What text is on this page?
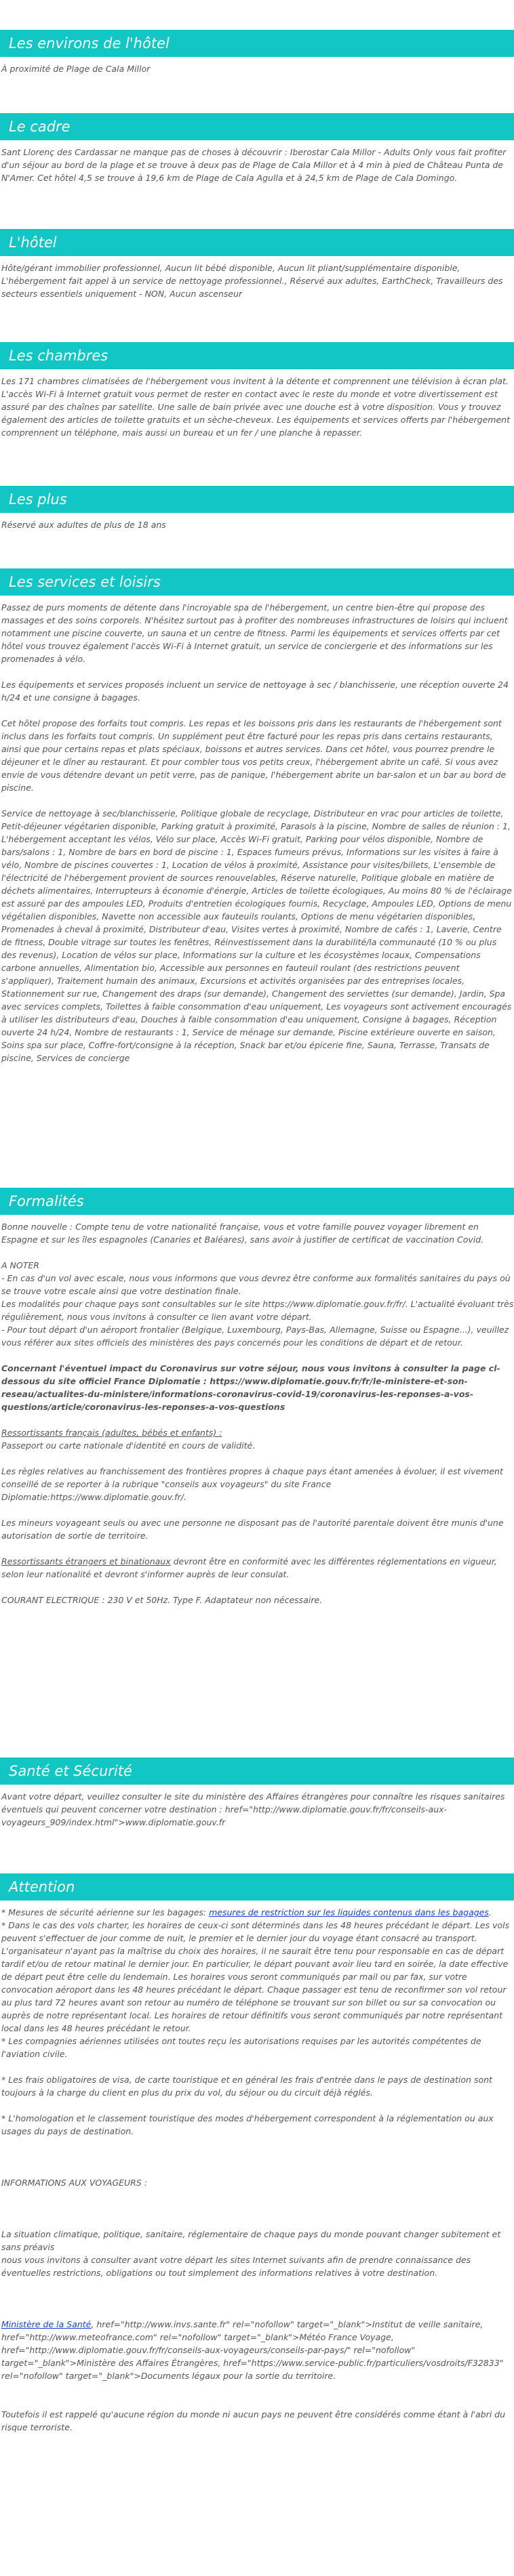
Les environs de l'hôtel

À proximité de Plage de Cala Millor

Le cadre

Sant Llorenç des Cardassar ne manque pas de choses à découvrir : Iberostar Cala Millor - Adults Only vous fait profiter d'un séjour au bord de la plage et se trouve à deux pas de Plage de Cala Millor et à 4 min à pied de Château Punta de N'Amer. Cet hôtel 4,5 se trouve à 19,6 km de Plage de Cala Agulla et à 24,5 km de Plage de Cala Domingo.

L'hôtel

Hôte/gérant immobilier professionnel, Aucun lit bébé disponible, Aucun lit pliant/supplémentaire disponible, L'hébergement fait appel à un service de nettoyage professionnel., Réservé aux adultes, EarthCheck, Travailleurs des secteurs essentiels uniquement - NON, Aucun ascenseur

Les chambres

Les 171 chambres climatisées de l'hébergement vous invitent à la détente et comprennent une télévision à écran plat. L'accès Wi-Fi à Internet gratuit vous permet de rester en contact avec le reste du monde et votre divertissement est assuré par des chaînes par satellite. Une salle de bain privée avec une douche est à votre disposition. Vous y trouvez également des articles de toilette gratuits et un sèche-cheveux. Les équipements et services offerts par l'hébergement comprennent un téléphone, mais aussi un bureau et un fer / une planche à repasser.

Les plus

Réservé aux adultes de plus de 18 ans

Les services et loisirs

Passez de purs moments de détente dans l'incroyable spa de l'hébergement, un centre bien-être qui propose des massages et des soins corporels. N'hésitez surtout pas à profiter des nombreuses infrastructures de loisirs qui incluent notamment une piscine couverte, un sauna et un centre de fitness. Parmi les équipements et services offerts par cet hôtel vous trouvez également l'accès Wi-Fi à Internet gratuit, un service de conciergerie et des informations sur les promenades à vélo.

Les équipements et services proposés incluent un service de nettoyage à sec / blanchisserie, une réception ouverte 24 h/24 et une consigne à bagages.

Cet hôtel propose des forfaits tout compris. Les repas et les boissons pris dans les restaurants de l'hébergement sont inclus dans les forfaits tout compris. Un supplément peut être facturé pour les repas pris dans certains restaurants, ainsi que pour certains repas et plats spéciaux, boissons et autres services. Dans cet hôtel, vous pourrez prendre le déjeuner et le dîner au restaurant. Et pour combler tous vos petits creux, l'hébergement abrite un café. Si vous avez envie de vous détendre devant un petit verre, pas de panique, l'hébergement abrite un bar-salon et un bar au bord de piscine.

Service de nettoyage à sec/blanchisserie, Politique globale de recyclage, Distributeur en vrac pour articles de toilette, Petit-déjeuner végétarien disponible, Parking gratuit à proximité, Parasols à la piscine, Nombre de salles de réunion : 1, L'hébergement acceptant les vélos, Vélo sur place, Accès Wi-Fi gratuit, Parking pour vélos disponible, Nombre de bars/salons : 1, Nombre de bars en bord de piscine : 1, Espaces fumeurs prévus, Informations sur les visites à faire à vélo, Nombre de piscines couvertes : 1, Location de vélos à proximité, Assistance pour visites/billets, L'ensemble de l'électricité de l'hébergement provient de sources renouvelables, Réserve naturelle, Politique globale en matière de déchets alimentaires, Interrupteurs à économie d'énergie, Articles de toilette écologiques, Au moins 80 % de l'éclairage est assuré par des ampoules LED, Produits d'entretien écologiques fournis, Recyclage, Ampoules LED, Options de menu végétalien disponibles, Navette non accessible aux fauteuils roulants, Options de menu végétarien disponibles, Promenades à cheval à proximité, Distributeur d'eau, Visites vertes à proximité, Nombre de cafés : 1, Laverie, Centre de fitness, Double vitrage sur toutes les fenêtres, Réinvestissement dans la durabilité/la communauté (10 % ou plus des revenus), Location de vélos sur place, Informations sur la culture et les écosystèmes locaux, Compensations carbone annuelles, Alimentation bio, Accessible aux personnes en fauteuil roulant (des restrictions peuvent s'appliquer), Traitement humain des animaux, Excursions et activités organisées par des entreprises locales, Stationnement sur rue, Changement des draps (sur demande), Changement des serviettes (sur demande), Jardin, Spa avec services complets, Toilettes à faible consommation d'eau uniquement, Les voyageurs sont activement encouragés à utiliser les distributeurs d'eau, Douches à faible consommation d'eau uniquement, Consigne à bagages, Réception ouverte 24 h/24, Nombre de restaurants : 1, Service de ménage sur demande, Piscine extérieure ouverte en saison, Soins spa sur place, Coffre-fort/consigne à la réception, Snack bar et/ou épicerie fine, Sauna, Terrasse, Transats de piscine, Services de concierge

Formalités

Bonne nouvelle : Compte tenu de votre nationalité française, vous et votre famille pouvez voyager librement en Espagne et sur les îles espagnoles (Canaries et Baléares), sans avoir à justifier de certificat de vaccination Covid.

A NOTER

- En cas d'un vol avec escale, nous vous informons que vous devrez être conforme aux formalités sanitaires du pays où se trouve votre escale ainsi que votre destination finale.

Les modalités pour chaque pays sont consultables sur le site https://www.diplomatie.gouv.fr/fr/. L'actualité évoluant très régulièrement, nous vous invitons à consulter ce lien avant votre départ.

- Pour tout départ d'un aéroport frontalier (Belgique, Luxembourg, Pays-Bas, Allemagne, Suisse ou Espagne...), veuillez vous référer aux sites officiels des ministères des pays concernés pour les conditions de départ et de retour.

Concernant l'éventuel impact du Coronavirus sur votre séjour, nous vous invitons à consulter la page cl-dessous du site officiel France Diplomatie : https://www.diplomatie.gouv.fr/fr/le-ministere-et-son-reseau/actualites-du-ministere/informations-coronavirus-covid-19/coronavirus-les-reponses-a-vos-questions/article/coronavirus-les-reponses-a-vos-questions

Ressortissants français (adultes, bébés et enfants) :

Passeport ou carte nationale d'identité en cours de validité.

Les règles relatives au franchissement des frontières propres à chaque pays étant amenées à évoluer, il est vivement conseillé de se reporter à la rubrique "conseils aux voyageurs" du site France Diplomatie:https://www.diplomatie.gouv.fr/.

Les mineurs voyageant seuls ou avec une personne ne disposant pas de l'autorité parentale doivent être munis d'une autorisation de sortie de territoire.

Ressortissants étrangers et binationaux devront être en conformité avec les différentes réglementations en vigueur, selon leur nationalité et devront s'informer auprès de leur consulat.

COURANT ELECTRIQUE : 230 V et 50Hz. Type F. Adaptateur non nécessaire.

Santé et Sécurité

Avant votre départ, veuillez consulter le site du ministère des Affaires étrangères pour connaître les risques sanitaires éventuels qui peuvent concerner votre destination : href="http://www.diplomatie.gouv.fr/fr/conseils-aux-voyageurs_909/index.html">www.diplomatie.gouv.fr

Attention

* Mesures de sécurité aérienne sur les bagages: mesures de restriction sur les liquides contenus dans les bagages.

* Dans le cas des vols charter, les horaires de ceux-ci sont déterminés dans les 48 heures précédant le départ. Les vols peuvent s'effectuer de jour comme de nuit, le premier et le dernier jour du voyage étant consacré au transport. L'organisateur n'ayant pas la maîtrise du choix des horaires, il ne saurait être tenu pour responsable en cas de départ tardif et/ou de retour matinal le dernier jour. En particulier, le départ pouvant avoir lieu tard en soirée, la date effective de départ peut être celle du lendemain. Les horaires vous seront communiqués par mail ou par fax, sur votre convocation aéroport dans les 48 heures précédant le départ. Chaque passager est tenu de reconfirmer son vol retour au plus tard 72 heures avant son retour au numéro de téléphone se trouvant sur son billet ou sur sa convocation ou auprès de notre représentant local. Les horaires de retour définitifs vous seront communiqués par notre représentant local dans les 48 heures précédant le retour.

* Les compagnies aériennes utilisées ont toutes reçu les autorisations requises par les autorités compétentes de l'aviation civile.

* Les frais obligatoires de visa, de carte touristique et en général les frais d'entrée dans le pays de destination sont toujours à la charge du client en plus du prix du vol, du séjour ou du circuit déjà réglés.

* L'homologation et le classement touristique des modes d'hébergement correspondent à la réglementation ou aux usages du pays de destination.

INFORMATIONS AUX VOYAGEURS :

La situation climatique, politique, sanitaire, réglementaire de chaque pays du monde pouvant changer subitement et sans préavis

nous vous invitons à consulter avant votre départ les sites Internet suivants afin de prendre connaissance des éventuelles restrictions, obligations ou tout simplement des informations relatives à votre destination.

Ministère de la Santé, href="http://www.invs.sante.fr" rel="nofollow" target="_blank">Institut de veille sanitaire, href="http://www.meteofrance.com" rel="nofollow" target="_blank">Météo France Voyage, href="http://www.diplomatie.gouv.fr/fr/conseils-aux-voyageurs/conseils-par-pays/" rel="nofollow" target="_blank">Ministère des Affaires Étrangères, href="https://www.service-public.fr/particuliers/vosdroits/F32833" rel="nofollow" target="_blank">Documents légaux pour la sortie du territoire.

Toutefois il est rappelé qu'aucune région du monde ni aucun pays ne peuvent être considérés comme étant à l'abri du risque terroriste.
